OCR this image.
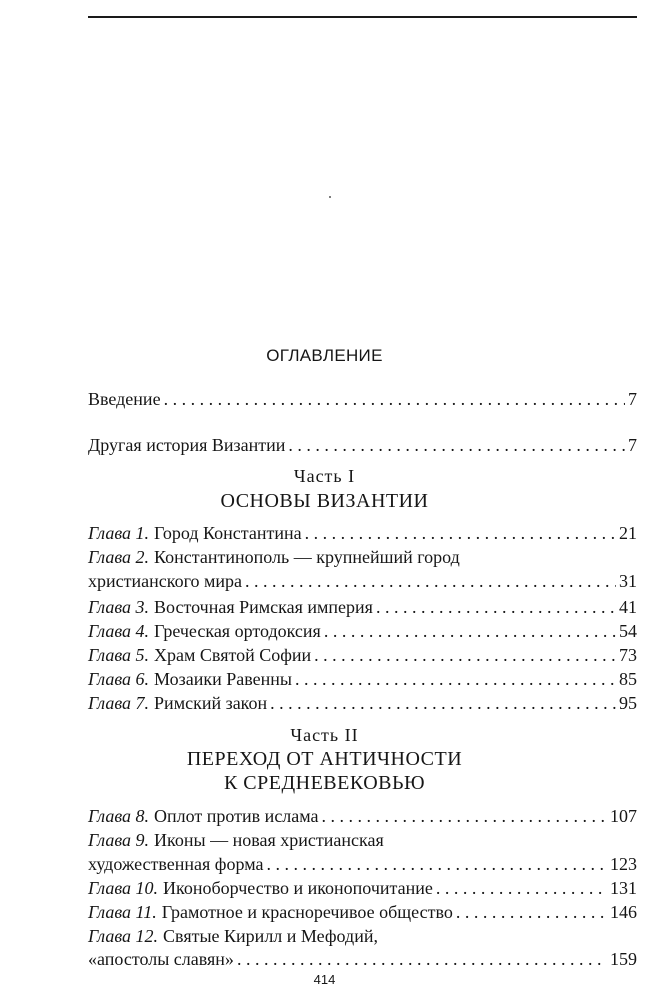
ОГЛАВЛЕНИЕ
Введение . . .	7
Другая история Византии . . .	7
Часть I
ОСНОВЫ ВИЗАНТИИ
Глава 1. Город Константина . . .	21
Глава 2. Константинополь — крупнейший город
христианского мира . . .	31
Глава 3. Восточная Римская империя . . .	41
Глава 4. Греческая ортодоксия . . .	54
Глава 5. Храм Святой Софии . . .	73
Глава 6. Мозаики Равенны . . .	85
Глава 7. Римский закон . . .	95
Часть II
ПЕРЕХОД ОТ АНТИЧНОСТИ
К СРЕДНЕВЕКОВЬЮ
Глава 8. Оплот против ислама . . .	107
Глава 9. Иконы — новая христианская
художественная форма . . .	123
Глава 10. Иконоборчество и иконопочитание . . .	131
Глава 11. Грамотное и красноречивое общество . . .	146
Глава 12. Святые Кирилл и Мефодий,
«апостолы славян» . . .	159
414
